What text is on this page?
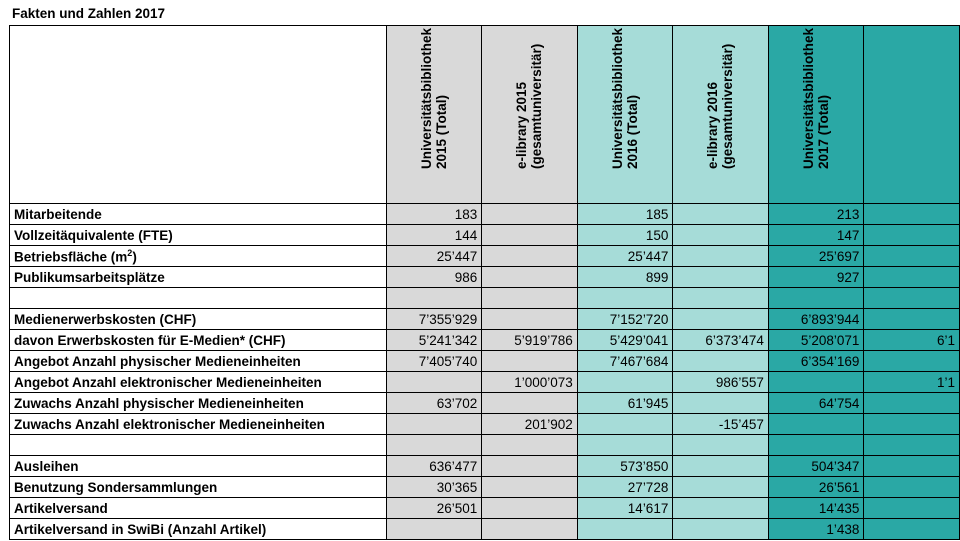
Fakten und Zahlen 2017

	Universitätsbibliothek 2015 (Total)	e-library 2015 (gesamtuniversitär)	Universitätsbibliothek 2016 (Total)	e-library 2016 (gesamtuniversitär)	Universitätsbibliothek 2017 (Total)	

Mitarbeitende	183		185		213	
Vollzeitäquivalente (FTE)	144		150		147	
Betriebsfläche $(m^2)$	25’447		25’447		25’697	
Publikumsarbeitsplätze	986		899		927	

Medienerwerbskosten (CHF)	7’355’929		7’152’720		6’893’944	
davon Erwerbskosten für E-Medien* (CHF)	5’241’342	5’919’786	5’429’041	6’373’474	5’208’071	6’1
Angebot Anzahl physischer Medieneinheiten	7’405’740		7’467’684		6’354’169	
Angebot Anzahl elektronischer Medieneinheiten		1’000’073		986’557		1’1
Zuwachs Anzahl physischer Medieneinheiten	63’702		61’945		64’754	
Zuwachs Anzahl elektronischer Medieneinheiten		201’902		-15’457		

Ausleihen	636’477		573’850		504’347	
Benutzung Sondersammlungen	30’365		27’728		26’561	
Artikelversand	26’501		14’617		14’435	
Artikelversand in SwiBi (Anzahl Artikel)					1’438	
